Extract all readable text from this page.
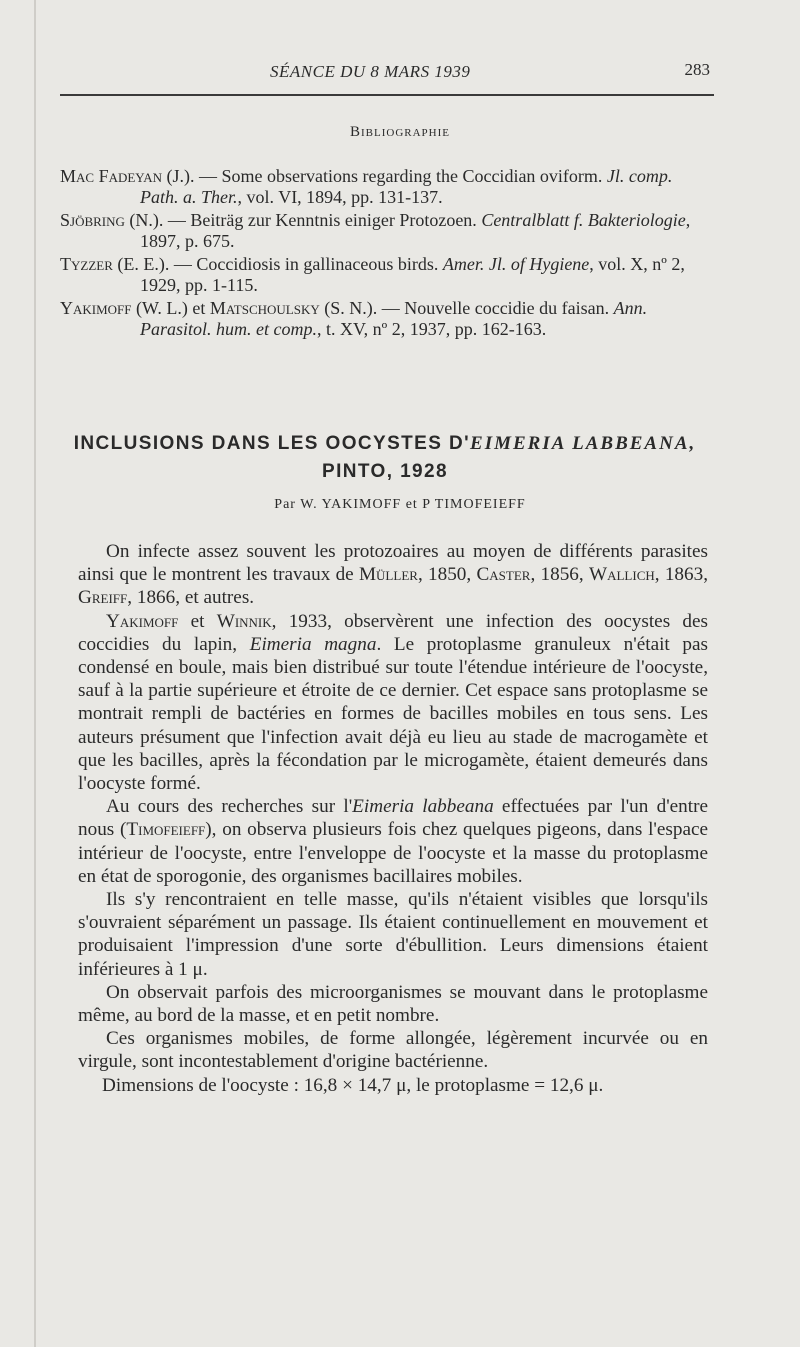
SÉANCE DU 8 MARS 1939	283
Bibliographie

Mac Fadeyan (J.). — Some observations regarding the Coccidian oviform. Jl. comp. Path. a. Ther., vol. VI, 1894, pp. 131-137.

Sjöbring (N.). — Beiträg zur Kenntnis einiger Protozoen. Centralblatt f. Bakteriologie, 1897, p. 675.

Tyzzer (E. E.). — Coccidiosis in gallinaceous birds. Amer. Jl. of Hygiene, vol. X, nº 2, 1929, pp. 1-115.

Yakimoff (W. L.) et Matschoulsky (S. N.). — Nouvelle coccidie du faisan. Ann. Parasitol. hum. et comp., t. XV, nº 2, 1937, pp. 162-163.

INCLUSIONS DANS LES OOCYSTES D'EIMERIA LABBEANA,
PINTO, 1928
Par W. YAKIMOFF et P TIMOFEIEFF

On infecte assez souvent les protozoaires au moyen de différents parasites ainsi que le montrent les travaux de Müller, 1850, Caster, 1856, Wallich, 1863, Greiff, 1866, et autres.

Yakimoff et Winnik, 1933, observèrent une infection des oocystes des coccidies du lapin, Eimeria magna. Le protoplasme granuleux n'était pas condensé en boule, mais bien distribué sur toute l'étendue intérieure de l'oocyste, sauf à la partie supérieure et étroite de ce dernier. Cet espace sans protoplasme se montrait rempli de bactéries en formes de bacilles mobiles en tous sens. Les auteurs présument que l'infection avait déjà eu lieu au stade de macrogamète et que les bacilles, après la fécondation par le microgamète, étaient demeurés dans l'oocyste formé.

Au cours des recherches sur l'Eimeria labbeana effectuées par l'un d'entre nous (Timofeieff), on observa plusieurs fois chez quelques pigeons, dans l'espace intérieur de l'oocyste, entre l'enveloppe de l'oocyste et la masse du protoplasme en état de sporogonie, des organismes bacillaires mobiles.

Ils s'y rencontraient en telle masse, qu'ils n'étaient visibles que lorsqu'ils s'ouvraient séparément un passage. Ils étaient continuellement en mouvement et produisaient l'impression d'une sorte d'ébullition. Leurs dimensions étaient inférieures à 1 μ.

On observait parfois des microorganismes se mouvant dans le protoplasme même, au bord de la masse, et en petit nombre.

Ces organismes mobiles, de forme allongée, légèrement incurvée ou en virgule, sont incontestablement d'origine bactérienne.

Dimensions de l'oocyste : 16,8 × 14,7 μ, le protoplasme = 12,6 μ.
